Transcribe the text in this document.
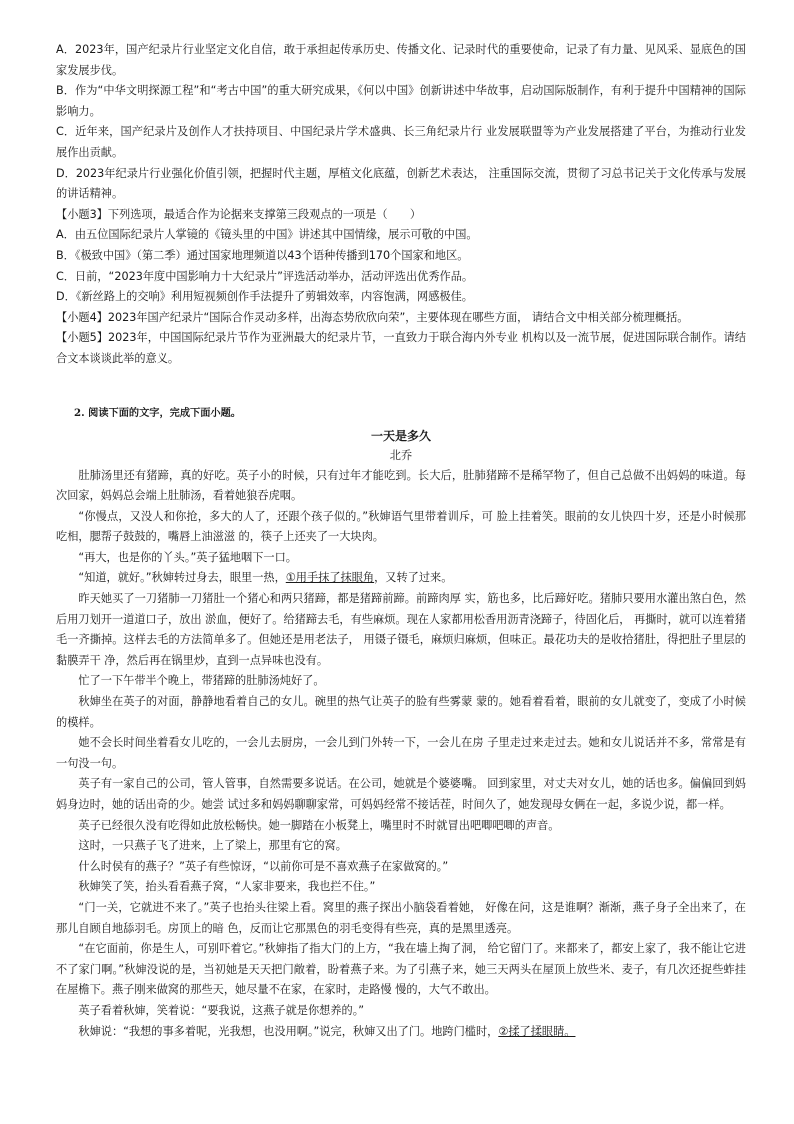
A．2023年，国产纪录片行业坚定文化自信，敢于承担起传承历史、传播文化、记录时代的重要使命，记录了有力量、见风采、显底色的国家发展步伐。

B．作为“中华文明探源工程”和“考古中国”的重大研究成果，《何以中国》创新讲述中华故事，启动国际版制作，有利于提升中国精神的国际影响力。

C．近年来，国产纪录片及创作人才扶持项目、中国纪录片学术盛典、长三角纪录片行 业发展联盟等为产业发展搭建了平台，为推动行业发展作出贡献。

D．2023年纪录片行业强化价值引领，把握时代主题，厚植文化底蕴，创新艺术表达， 注重国际交流，贯彻了习总书记关于文化传承与发展的讲话精神。

【小题3】下列选项，最适合作为论据来支撑第三段观点的一项是（　　）

A．由五位国际纪录片人掌镜的《镜头里的中国》讲述其中国情缘，展示可敬的中国。

B．《极致中国》（第二季）通过国家地理频道以43个语种传播到170个国家和地区。

C．日前，“2023年度中国影响力十大纪录片”评选活动举办，活动评选出优秀作品。

D．《新丝路上的交响》利用短视频创作手法提升了剪辑效率，内容饱满，网感极佳。

【小题4】2023年国产纪录片“国际合作灵动多样，出海态势欣欣向荣”，主要体现在哪些方面， 请结合文中相关部分梳理概括。

【小题5】2023年，中国国际纪录片节作为亚洲最大的纪录片节，一直致力于联合海内外专业 机构以及一流节展，促进国际联合制作。请结合文本谈谈此举的意义。

2. 阅读下面的文字，完成下面小题。

一天是多久

北乔

肚肺汤里还有猪蹄，真的好吃。英子小的时候，只有过年才能吃到。长大后，肚肺猪蹄不是稀罕物了，但自己总做不出妈妈的味道。每次回家，妈妈总会端上肚肺汤，看着她狼吞虎咽。

“你慢点，又没人和你抢，多大的人了，还跟个孩子似的。”秋婶语气里带着训斥，可 脸上挂着笑。眼前的女儿快四十岁，还是小时候那吃相，腮帮子鼓鼓的，嘴唇上油滋滋 的，筷子上还夹了一大块肉。

“再大，也是你的丫头。”英子猛地咽下一口。

“知道，就好。”秋婶转过身去，眼里一热，①用手抹了抹眼角，又转了过来。

昨天她买了一刀猪肺一刀猪肚一个猪心和两只猪蹄，都是猪蹄前蹄。前蹄肉厚 实，筋也多，比后蹄好吃。猪肺只要用水灌出煞白色，然后用刀划开一道道口子，放出 淤血，便好了。给猪蹄去毛，有些麻烦。现在人家都用松香用沥青浇蹄子，待固化后， 再撕时，就可以连着猪毛一齐撕掉。这样去毛的方法简单多了。但她还是用老法子， 用镊子镊毛，麻烦归麻烦，但味正。最花功夫的是收拾猪肚，得把肚子里层的黏膜弄干 净，然后再在锅里炒，直到一点异味也没有。

忙了一下午带半个晚上，带猪蹄的肚肺汤炖好了。

秋婶坐在英子的对面，静静地看着自己的女儿。碗里的热气让英子的脸有些雾蒙 蒙的。她看着看着，眼前的女儿就变了，变成了小时候的模样。

她不会长时间坐着看女儿吃的，一会儿去厨房，一会儿到门外转一下，一会儿在房 子里走过来走过去。她和女儿说话并不多，常常是有一句没一句。

英子有一家自己的公司，管人管事，自然需要多说话。在公司，她就是个婆婆嘴。 回到家里，对丈夫对女儿，她的话也多。偏偏回到妈妈身边时，她的话出奇的少。她尝 试过多和妈妈聊聊家常，可妈妈经常不接话茬，时间久了，她发现母女俩在一起，多说少说，都一样。

英子已经很久没有吃得如此放松畅快。她一脚踏在小板凳上，嘴里时不时就冒出吧唧吧唧的声音。

这时，一只燕子飞了进来，上了梁上，那里有它的窝。

什么时侯有的燕子？”英子有些惊讶，“以前你可是不喜欢燕子在家做窝的。”

秋婶笑了笑，抬头看看燕子窝，“人家非要来，我也拦不住。”

“门一关，它就进不来了。”英子也抬头往梁上看。窝里的燕子探出小脑袋看着她， 好像在问，这是谁啊？渐渐，燕子身子全出来了，在那儿自顾自地舔羽毛。房顶上的暗 色，反而让它那黑色的羽毛变得有些亮，真的是黑里透亮。

“在它面前，你是生人，可别吓着它。”秋婶指了指大门的上方，“我在墙上掏了洞， 给它留门了。来都来了，都安上家了，我不能让它进不了家门啊。”秋婶没说的是，当初她是天天把门敞着，盼着燕子来。为了引燕子来，她三天两头在屋顶上放些米、麦子，有几次还捉些蚱挂在屋檐下。燕子刚来做窝的那些天，她尽量不在家，在家时，走路慢 慢的，大气不敢出。

英子看着秋婶，笑着说：“要我说，这燕子就是你想养的。”

秋婶说：“我想的事多着呢，光我想，也没用啊。”说完，秋婶又出了门。地跨门槛时，②揉了揉眼睛。
